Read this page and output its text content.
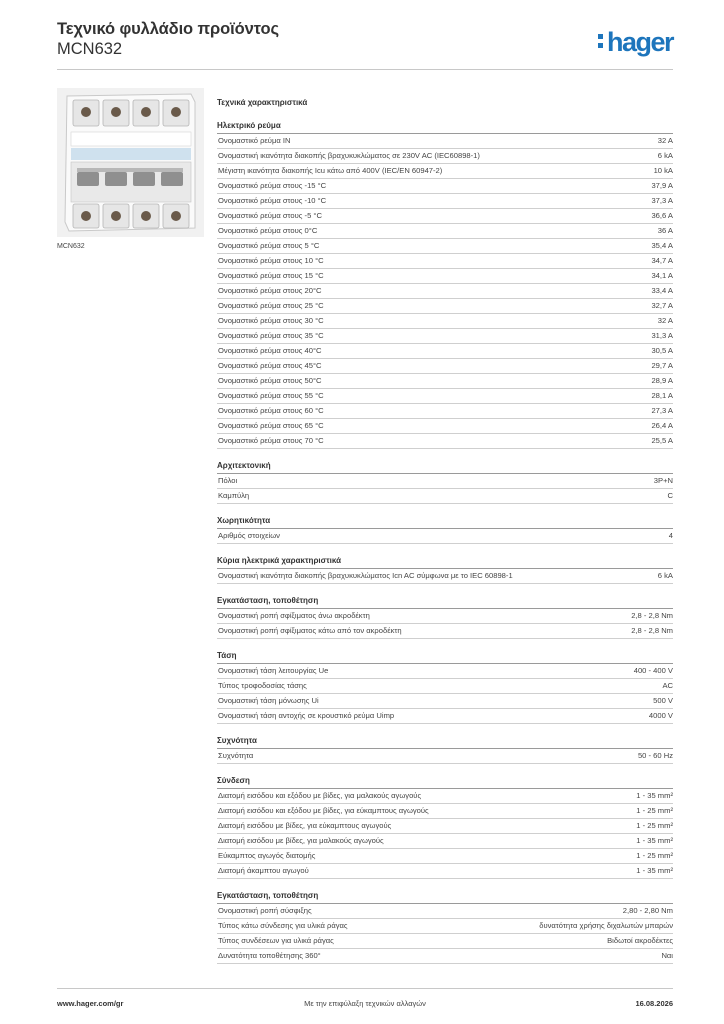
Τεχνικό φυλλάδιο προϊόντος
MCN632	hager
MCN632
Τεχνικά χαρακτηριστικά
Ηλεκτρικό ρεύμα
Ονομαστικό ρεύμα IN	32 A
Ονομαστική ικανότητα διακοπής βραχυκυκλώματος σε 230V AC (IEC60898-1)	6 kA
Μέγιστη ικανότητα διακοπής Icu κάτω από 400V (IEC/EN 60947-2)	10 kA
Ονομαστικό ρεύμα στους -15 °C	37,9 A
Ονομαστικό ρεύμα στους -10 °C	37,3 A
Ονομαστικό ρεύμα στους -5 °C	36,6 A
Ονομαστικό ρεύμα στους 0°C	36 A
Ονομαστικό ρεύμα στους 5 °C	35,4 A
Ονομαστικό ρεύμα στους 10 °C	34,7 A
Ονομαστικό ρεύμα στους 15 °C	34,1 A
Ονομαστικό ρεύμα στους 20°C	33,4 A
Ονομαστικό ρεύμα στους 25 °C	32,7 A
Ονομαστικό ρεύμα στους 30 °C	32 A
Ονομαστικό ρεύμα στους 35 °C	31,3 A
Ονομαστικό ρεύμα στους 40°C	30,5 A
Ονομαστικό ρεύμα στους 45°C	29,7 A
Ονομαστικό ρεύμα στους 50°C	28,9 A
Ονομαστικό ρεύμα στους 55 °C	28,1 A
Ονομαστικό ρεύμα στους 60 °C	27,3 A
Ονομαστικό ρεύμα στους 65 °C	26,4 A
Ονομαστικό ρεύμα στους 70 °C	25,5 A
Αρχιτεκτονική
Πόλοι	3P+N
Καμπύλη	C
Χωρητικότητα
Αριθμός στοιχείων	4
Κύρια ηλεκτρικά χαρακτηριστικά
Ονομαστική ικανότητα διακοπής βραχυκυκλώματος Icn AC σύμφωνα με το IEC 60898-1	6 kA
Εγκατάσταση, τοποθέτηση
Ονομαστική ροπή σφίξιματος άνω ακροδέκτη	2,8 - 2,8 Nm
Ονομαστική ροπή σφίξιματος κάτω από τον ακροδέκτη	2,8 - 2,8 Nm
Τάση
Ονομαστική τάση λειτουργίας Ue	400 - 400 V
Τύπος τροφοδοσίας τάσης	AC
Ονομαστική τάση μόνωσης Ui	500 V
Ονομαστική τάση αντοχής σε κρουστικό ρεύμα Uimp	4000 V
Συχνότητα
Συχνότητα	50 - 60 Hz
Σύνδεση
Διατομή εισόδου και εξόδου με βίδες, για μαλακούς αγωγούς	1 - 35 mm²
Διατομή εισόδου και εξόδου με βίδες, για εύκαμπτους αγωγούς	1 - 25 mm²
Διατομή εισόδου με βίδες, για εύκαμπτους αγωγούς	1 - 25 mm²
Διατομή εισόδου με βίδες, για μαλακούς αγωγούς	1 - 35 mm²
Εύκαμπτος αγωγός διατομής	1 - 25 mm²
Διατομή άκαμπτου αγωγού	1 - 35 mm²
Εγκατάσταση, τοποθέτηση
Ονομαστική ροπή σύσφιξης	2,80 - 2,80 Nm
Τύπος κάτω σύνδεσης για υλικά ράγας	δυνατότητα χρήσης διχαλωτών μπαρών
Τύπος συνδέσεων για υλικά ράγας	Βιδωτοί ακροδέκτες
Δυνατότητα τοποθέτησης 360°	Ναι
www.hager.com/gr	Με την επιφύλαξη τεχνικών αλλαγών	16.08.2026
